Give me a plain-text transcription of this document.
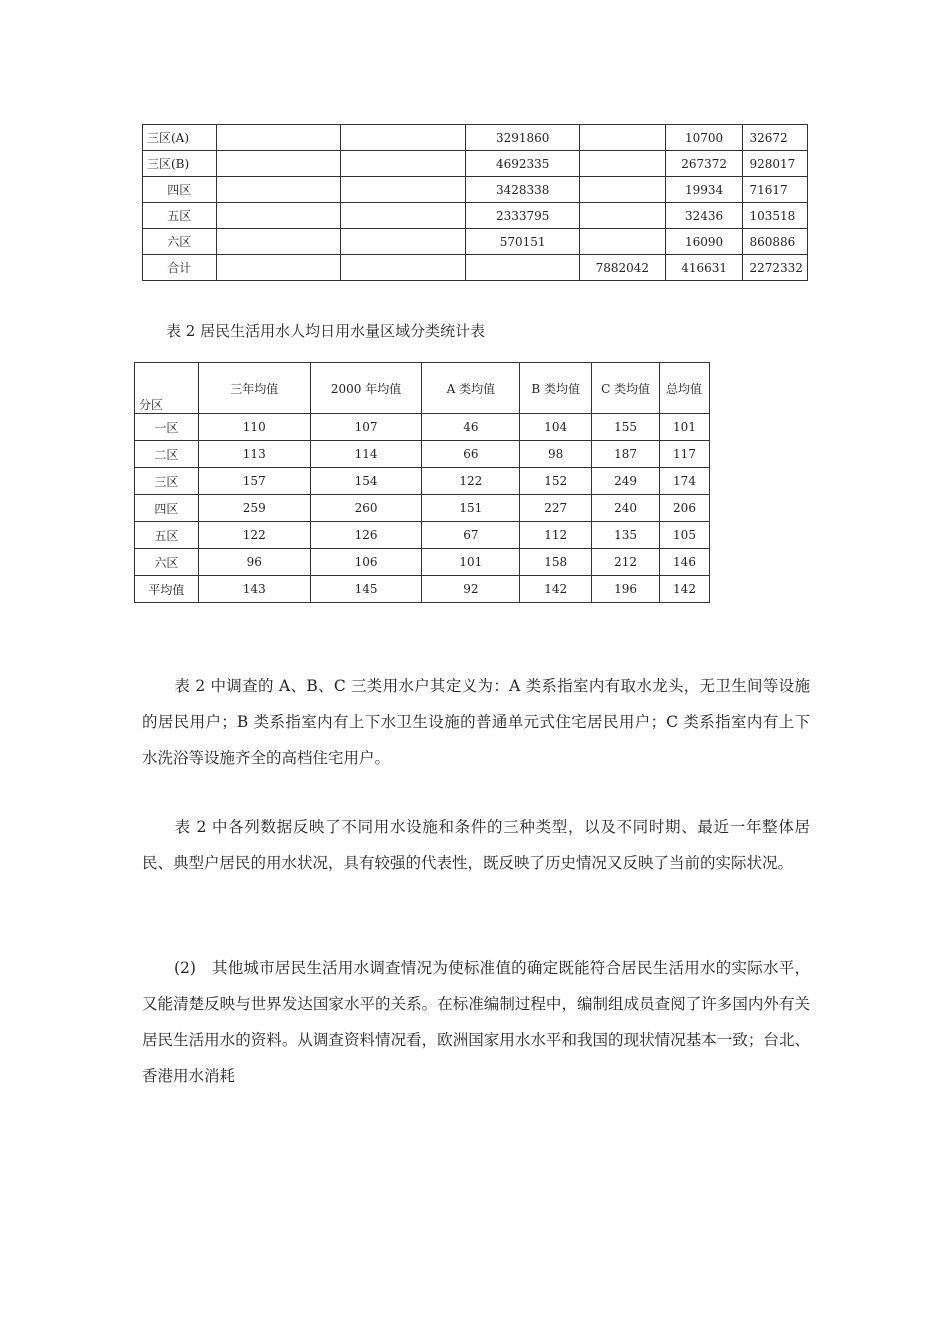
三区(A)			3291860		10700	32672
三区(B)			4692335		267372	928017
四区			3428338		19934	71617
五区			2333795		32436	103518
六区			570151		16090	860886
合计				7882042	416631	2272332
表 2 居民生活用水人均日用水量区域分类统计表
分区	三年均值	2000 年均值	A 类均值	B 类均值	C 类均值	总均值
一区	110	107	46	104	155	101
二区	113	114	66	98	187	117
三区	157	154	122	152	249	174
四区	259	260	151	227	240	206
五区	122	126	67	112	135	105
六区	96	106	101	158	212	146
平均值	143	145	92	142	196	142

表 2 中调查的 A、B、C 三类用水户其定义为：A 类系指室内有取水龙头，无卫生间等设施的居民用户；B 类系指室内有上下水卫生设施的普通单元式住宅居民用户；C 类系指室内有上下水洗浴等设施齐全的高档住宅用户。

表 2 中各列数据反映了不同用水设施和条件的三种类型，以及不同时期、最近一年整体居民、典型户居民的用水状况，具有较强的代表性，既反映了历史情况又反映了当前的实际状况。

(2)　其他城市居民生活用水调查情况为使标准值的确定既能符合居民生活用水的实际水平，又能清楚反映与世界发达国家水平的关系。在标准编制过程中，编制组成员查阅了许多国内外有关居民生活用水的资料。从调查资料情况看，欧洲国家用水水平和我国的现状情况基本一致；台北、香港用水消耗
